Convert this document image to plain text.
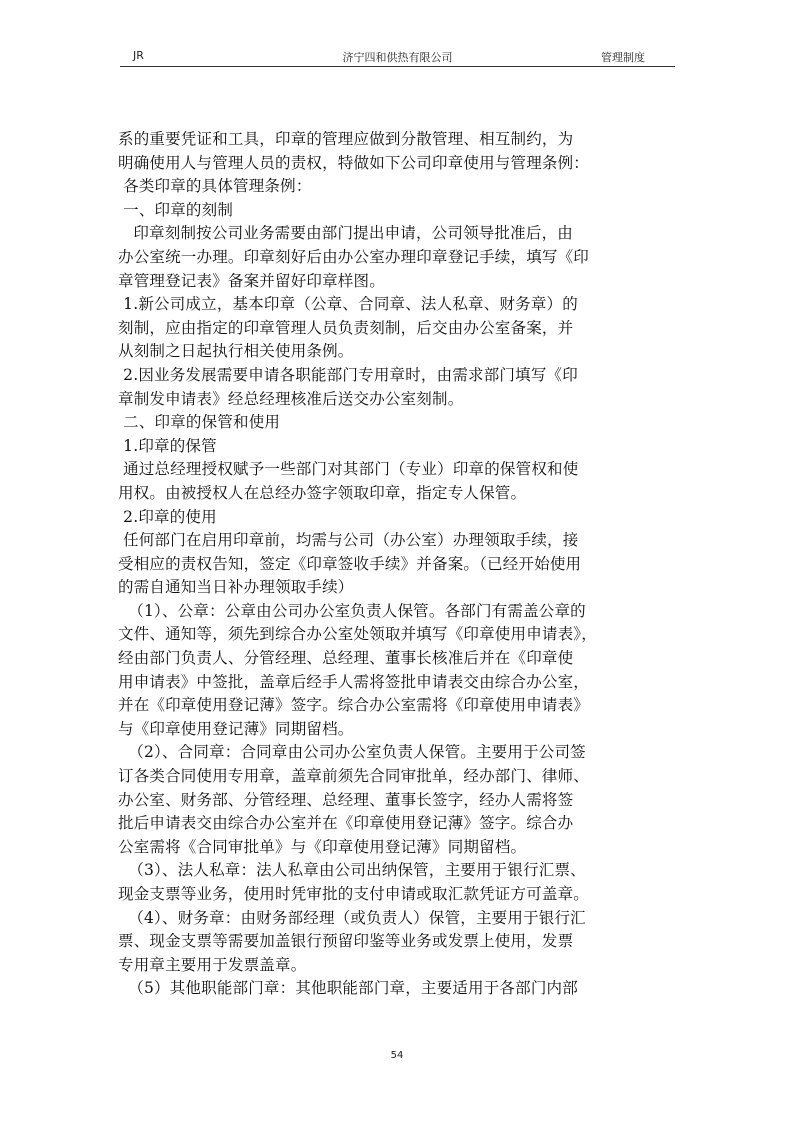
JR	济宁四和供热有限公司	管理制度
系的重要凭证和工具，印章的管理应做到分散管理、相互制约，为
明确使用人与管理人员的责权，特做如下公司印章使用与管理条例：
各类印章的具体管理条例：
一、印章的刻制
印章刻制按公司业务需要由部门提出申请，公司领导批准后，由
办公室统一办理。印章刻好后由办公室办理印章登记手续，填写《印
章管理登记表》备案并留好印章样图。
1.新公司成立，基本印章（公章、合同章、法人私章、财务章）的
刻制，应由指定的印章管理人员负责刻制，后交由办公室备案，并
从刻制之日起执行相关使用条例。
2.因业务发展需要申请各职能部门专用章时，由需求部门填写《印
章制发申请表》经总经理核准后送交办公室刻制。
二、印章的保管和使用
1.印章的保管
通过总经理授权赋予一些部门对其部门（专业）印章的保管权和使
用权。由被授权人在总经办签字领取印章，指定专人保管。
2.印章的使用
任何部门在启用印章前，均需与公司（办公室）办理领取手续，接
受相应的责权告知，签定《印章签收手续》并备案。（已经开始使用
的需自通知当日补办理领取手续）
（1）、公章：公章由公司办公室负责人保管。各部门有需盖公章的
文件、通知等，须先到综合办公室处领取并填写《印章使用申请表》，
经由部门负责人、分管经理、总经理、董事长核准后并在《印章使
用申请表》中签批，盖章后经手人需将签批申请表交由综合办公室，
并在《印章使用登记薄》签字。综合办公室需将《印章使用申请表》
与《印章使用登记薄》同期留档。
（2）、合同章：合同章由公司办公室负责人保管。主要用于公司签
订各类合同使用专用章，盖章前须先合同审批单，经办部门、律师、
办公室、财务部、分管经理、总经理、董事长签字，经办人需将签
批后申请表交由综合办公室并在《印章使用登记薄》签字。综合办
公室需将《合同审批单》与《印章使用登记薄》同期留档。
（3）、法人私章：法人私章由公司出纳保管，主要用于银行汇票、
现金支票等业务，使用时凭审批的支付申请或取汇款凭证方可盖章。
（4）、财务章：由财务部经理（或负责人）保管，主要用于银行汇
票、现金支票等需要加盖银行预留印鉴等业务或发票上使用，发票
专用章主要用于发票盖章。
（5）其他职能部门章：其他职能部门章，主要适用于各部门内部
54
